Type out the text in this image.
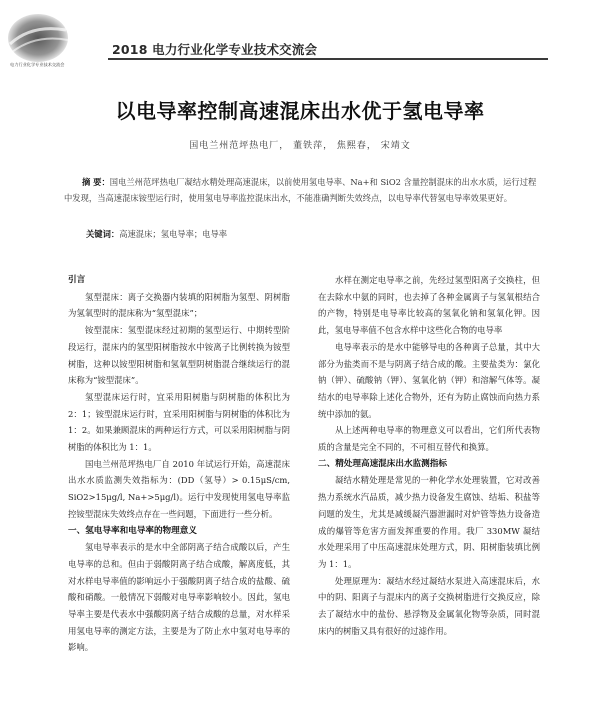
电力行业化学专业技术交流会
2018 电力行业化学专业技术交流会
以电导率控制高速混床出水优于氢电导率
国电兰州范坪热电厂， 董铁萍， 焦熙春， 宋靖文
摘 要：国电兰州范坪热电厂凝结水精处理高速混床，以前使用氢电导率、Na+和 SiO2 含量控制混床的出水水质，运行过程中发现，当高速混床铵型运行时，使用氢电导率监控混床出水，不能准确判断失效终点，以电导率代替氢电导率效果更好。
关键词：高速混床；氢电导率；电导率
引言

氢型混床：离子交换器内装填的阳树脂为氢型、阴树脂为氢氧型时的混床称为“氢型混床”；

铵型混床：氢型混床经过初期的氢型运行、中期转型阶段运行，混床内的氢型阳树脂按水中铵离子比例转换为铵型树脂，这种以铵型阳树脂和氢氧型阴树脂混合继续运行的混床称为“铵型混床”。

氢型混床运行时，宜采用阳树脂与阴树脂的体积比为 2：1；铵型混床运行时，宜采用阳树脂与阴树脂的体积比为 1：2。如果兼顾混床的两种运行方式，可以采用阳树脂与阴树脂的体积比为 1：1。

国电兰州范坪热电厂自 2010 年试运行开始，高速混床出水水质监测失效指标为：(DD（氢导）> 0.15μS/cm, SiO2>15μg/l, Na+>5μg/l)。运行中发现使用氢电导率监控铵型混床失效终点存在一些问题，下面进行一些分析。

一、氢电导率和电导率的物理意义

氢电导率表示的是水中全部阴离子结合成酸以后，产生电导率的总和。但由于弱酸阴离子结合成酸，解离度低，其对水样电导率值的影响远小于强酸阴离子结合成的盐酸、硫酸和硝酸。一般情况下弱酸对电导率影响较小。因此，氢电导率主要是代表水中强酸阴离子结合成酸的总量，对水样采用氢电导率的测定方法，主要是为了防止水中氢对电导率的影响。

水样在测定电导率之前，先经过氢型阳离子交换柱，但在去除水中氨的同时，也去掉了各种金属离子与氢氧根结合的产物，特别是电导率比较高的氢氧化钠和氢氧化钾。因此，氢电导率值不包含水样中这些化合物的电导率

电导率表示的是水中能够导电的各种离子总量，其中大部分为盐类而不是与阴离子结合成的酸。主要盐类为：氯化钠（钾）、硫酸钠（钾）、氢氧化钠（钾）和溶解气体等。凝结水的电导率除上述化合物外，还有为防止腐蚀而向热力系统中添加的氨。

从上述两种电导率的物理意义可以看出，它们所代表物质的含量是完全不同的，不可相互替代和换算。

二、精处理高速混床出水监测指标

凝结水精处理是常见的一种化学水处理装置，它对改善热力系统水汽品质，减少热力设备发生腐蚀、结垢、积盐等问题的发生，尤其是减缓凝汽器泄漏时对炉管等热力设备造成的爆管等危害方面发挥重要的作用。我厂 330MW 凝结水处理采用了中压高速混床处理方式，阴、阳树脂装填比例为 1：1。

处理原理为：凝结水经过凝结水泵进入高速混床后，水中的阴、阳离子与混床内的离子交换树脂进行交换反应，除去了凝结水中的盐份、悬浮物及金属氧化物等杂质，同时混床内的树脂又具有很好的过滤作用。
